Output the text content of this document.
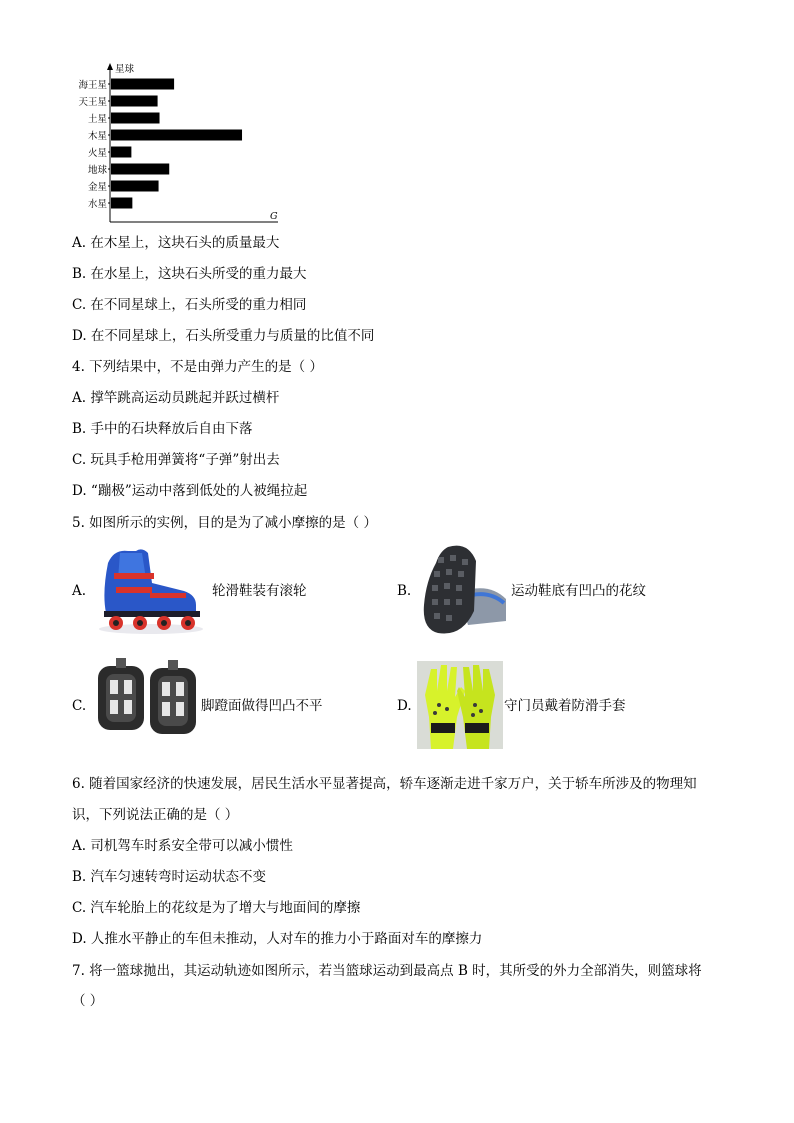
星球
G
海王星
天王星
土星
木星
火星
地球
金星
水星
A. 在木星上，这块石头的质量最大
B. 在水星上，这块石头所受的重力最大
C. 在不同星球上，石头所受的重力相同
D. 在不同星球上，石头所受重力与质量的比值不同
4. 下列结果中，不是由弹力产生的是（ ）
A. 撑竿跳高运动员跳起并跃过横杆
B. 手中的石块释放后自由下落
C. 玩具手枪用弹簧将“子弹”射出去
D. “蹦极”运动中落到低处的人被绳拉起
5. 如图所示的实例，目的是为了减小摩擦的是（ ）
A.	轮滑鞋装有滚轮	B.	运动鞋底有凹凸的花纹
C.	脚蹬面做得凹凸不平	D.	守门员戴着防滑手套
6. 随着国家经济的快速发展，居民生活水平显著提高，轿车逐渐走进千家万户，关于轿车所涉及的物理知
识，下列说法正确的是（ ）
A. 司机驾车时系安全带可以减小惯性
B. 汽车匀速转弯时运动状态不变
C. 汽车轮胎上的花纹是为了增大与地面间的摩擦
D. 人推水平静止的车但未推动，人对车的推力小于路面对车的摩擦力
7. 将一篮球拋出，其运动轨迹如图所示，若当篮球运动到最高点 B 时，其所受的外力全部消失，则篮球将
（ ）
